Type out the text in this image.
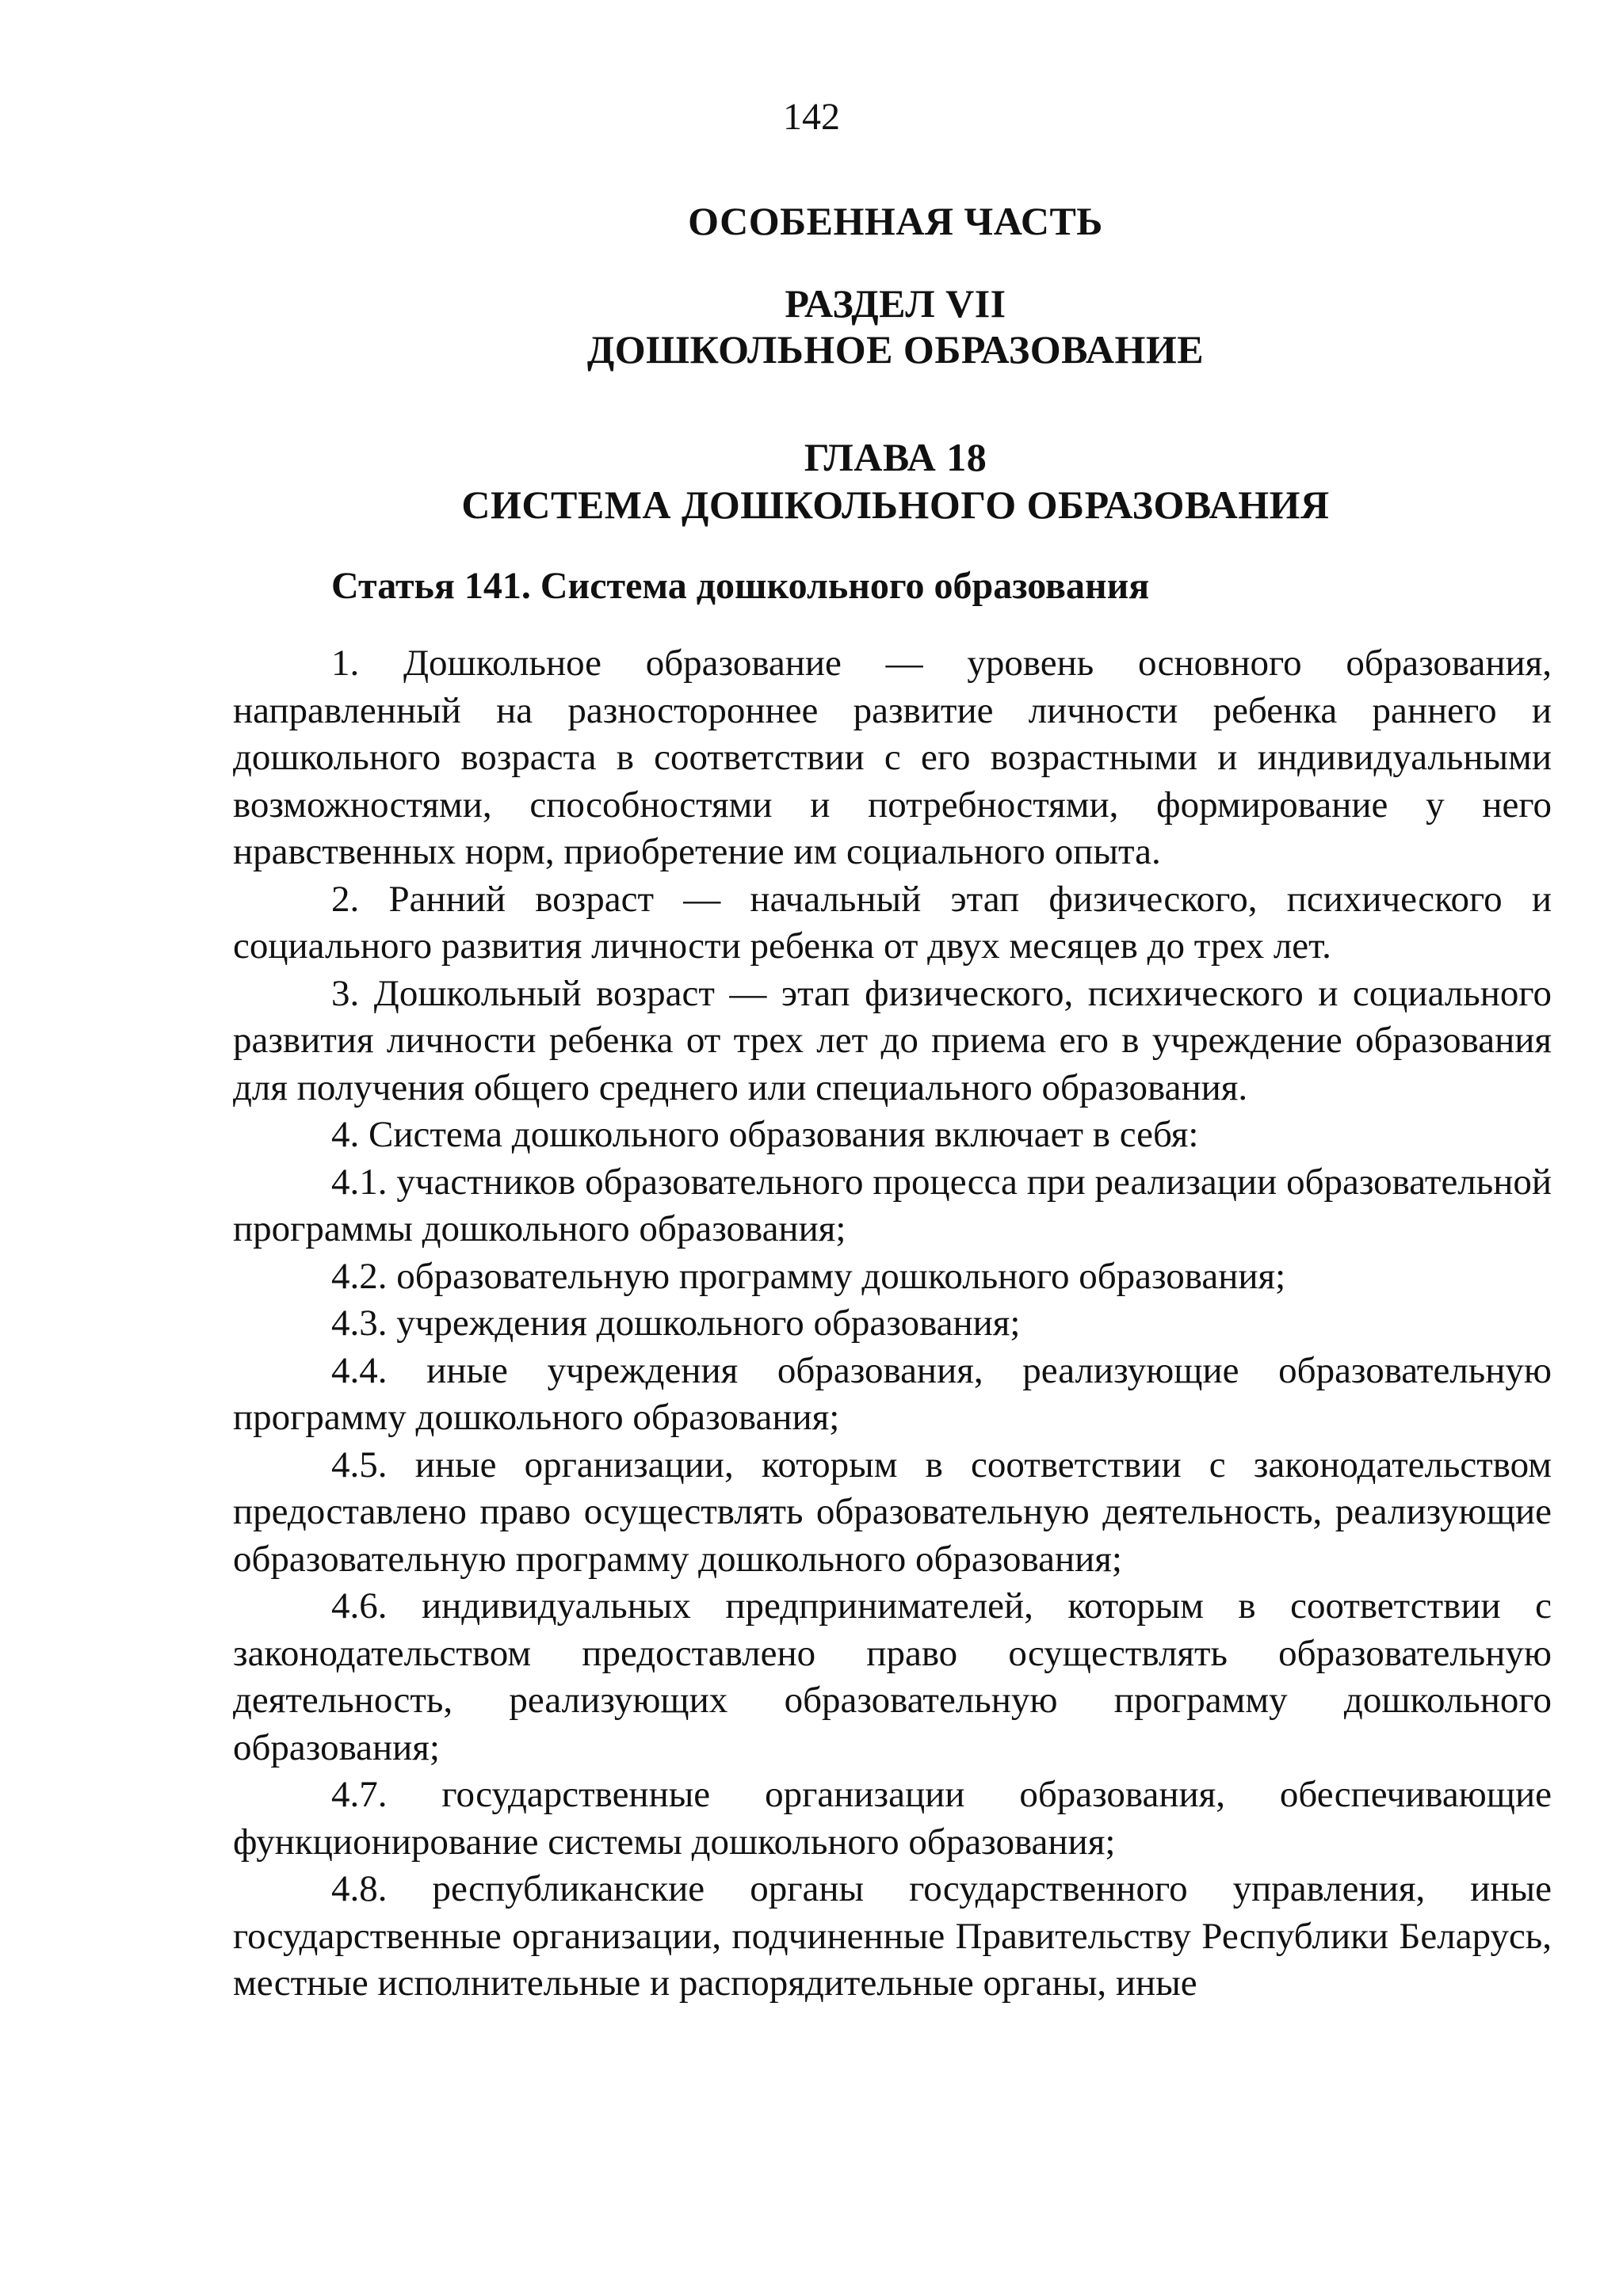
142
ОСОБЕННАЯ ЧАСТЬ
РАЗДЕЛ VII
ДОШКОЛЬНОЕ ОБРАЗОВАНИЕ
ГЛАВА 18
СИСТЕМА ДОШКОЛЬНОГО ОБРАЗОВАНИЯ
Статья 141. Система дошкольного образования

1. Дошкольное образование — уровень основного образования, направленный на разностороннее развитие личности ребенка раннего и дошкольного возраста в соответствии с его возрастными и индивидуальными возможностями, способностями и потребностями, формирование у него нравственных норм, приобретение им социального опыта.

2. Ранний возраст — начальный этап физического, психического и социального развития личности ребенка от двух месяцев до трех лет.

3. Дошкольный возраст — этап физического, психического и социального развития личности ребенка от трех лет до приема его в учреждение образования для получения общего среднего или специального образования.

4. Система дошкольного образования включает в себя:

4.1. участников образовательного процесса при реализации образовательной программы дошкольного образования;

4.2. образовательную программу дошкольного образования;

4.3. учреждения дошкольного образования;

4.4. иные учреждения образования, реализующие образовательную программу дошкольного образования;

4.5. иные организации, которым в соответствии с законодательством предоставлено право осуществлять образовательную деятельность, реализующие образовательную программу дошкольного образования;

4.6. индивидуальных предпринимателей, которым в соответствии с законодательством предоставлено право осуществлять образовательную деятельность, реализующих образовательную программу дошкольного образования;

4.7. государственные организации образования, обеспечивающие функционирование системы дошкольного образования;

4.8. республиканские органы государственного управления, иные государственные организации, подчиненные Правительству Республики Беларусь, местные исполнительные и распорядительные органы, иные
